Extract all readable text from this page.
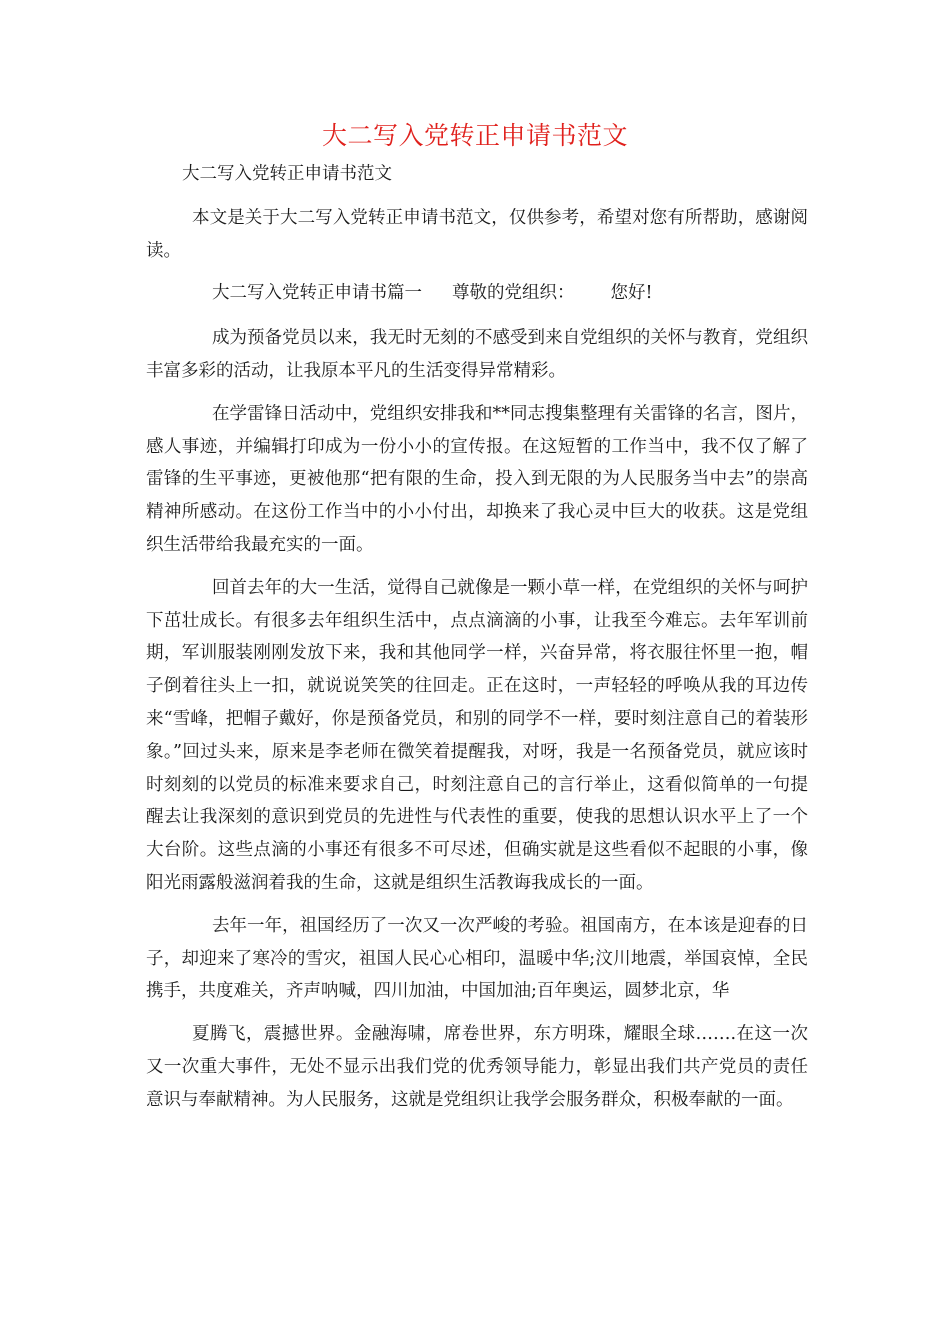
大二写入党转正申请书范文

大二写入党转正申请书范文

本文是关于大二写入党转正申请书范文，仅供参考，希望对您有所帮助，感谢阅读。

大二写入党转正申请书篇一 尊敬的党组织： 您好!

成为预备党员以来，我无时无刻的不感受到来自党组织的关怀与教育，党组织丰富多彩的活动，让我原本平凡的生活变得异常精彩。

在学雷锋日活动中，党组织安排我和**同志搜集整理有关雷锋的名言，图片，感人事迹，并编辑打印成为一份小小的宣传报。在这短暂的工作当中，我不仅了解了雷锋的生平事迹，更被他那“把有限的生命，投入到无限的为人民服务当中去”的崇高精神所感动。在这份工作当中的小小付出，却换来了我心灵中巨大的收获。这是党组织生活带给我最充实的一面。

回首去年的大一生活，觉得自己就像是一颗小草一样，在党组织的关怀与呵护下茁壮成长。有很多去年组织生活中，点点滴滴的小事，让我至今难忘。去年军训前期，军训服装刚刚发放下来，我和其他同学一样，兴奋异常，将衣服往怀里一抱，帽子倒着往头上一扣，就说说笑笑的往回走。正在这时，一声轻轻的呼唤从我的耳边传来“雪峰，把帽子戴好，你是预备党员，和别的同学不一样，要时刻注意自己的着装形象。”回过头来，原来是李老师在微笑着提醒我，对呀，我是一名预备党员，就应该时时刻刻的以党员的标准来要求自己，时刻注意自己的言行举止，这看似简单的一句提醒去让我深刻的意识到党员的先进性与代表性的重要，使我的思想认识水平上了一个大台阶。这些点滴的小事还有很多不可尽述，但确实就是这些看似不起眼的小事，像阳光雨露般滋润着我的生命，这就是组织生活教诲我成长的一面。

去年一年，祖国经历了一次又一次严峻的考验。祖国南方，在本该是迎春的日子，却迎来了寒冷的雪灾，祖国人民心心相印，温暖中华;汶川地震，举国哀悼，全民携手，共度难关，齐声呐喊，四川加油，中国加油;百年奥运，圆梦北京，华

夏腾飞，震撼世界。金融海啸，席卷世界，东方明珠，耀眼全球…….在这一次又一次重大事件，无处不显示出我们党的优秀领导能力，彰显出我们共产党员的责任意识与奉献精神。为人民服务，这就是党组织让我学会服务群众，积极奉献的一面。
